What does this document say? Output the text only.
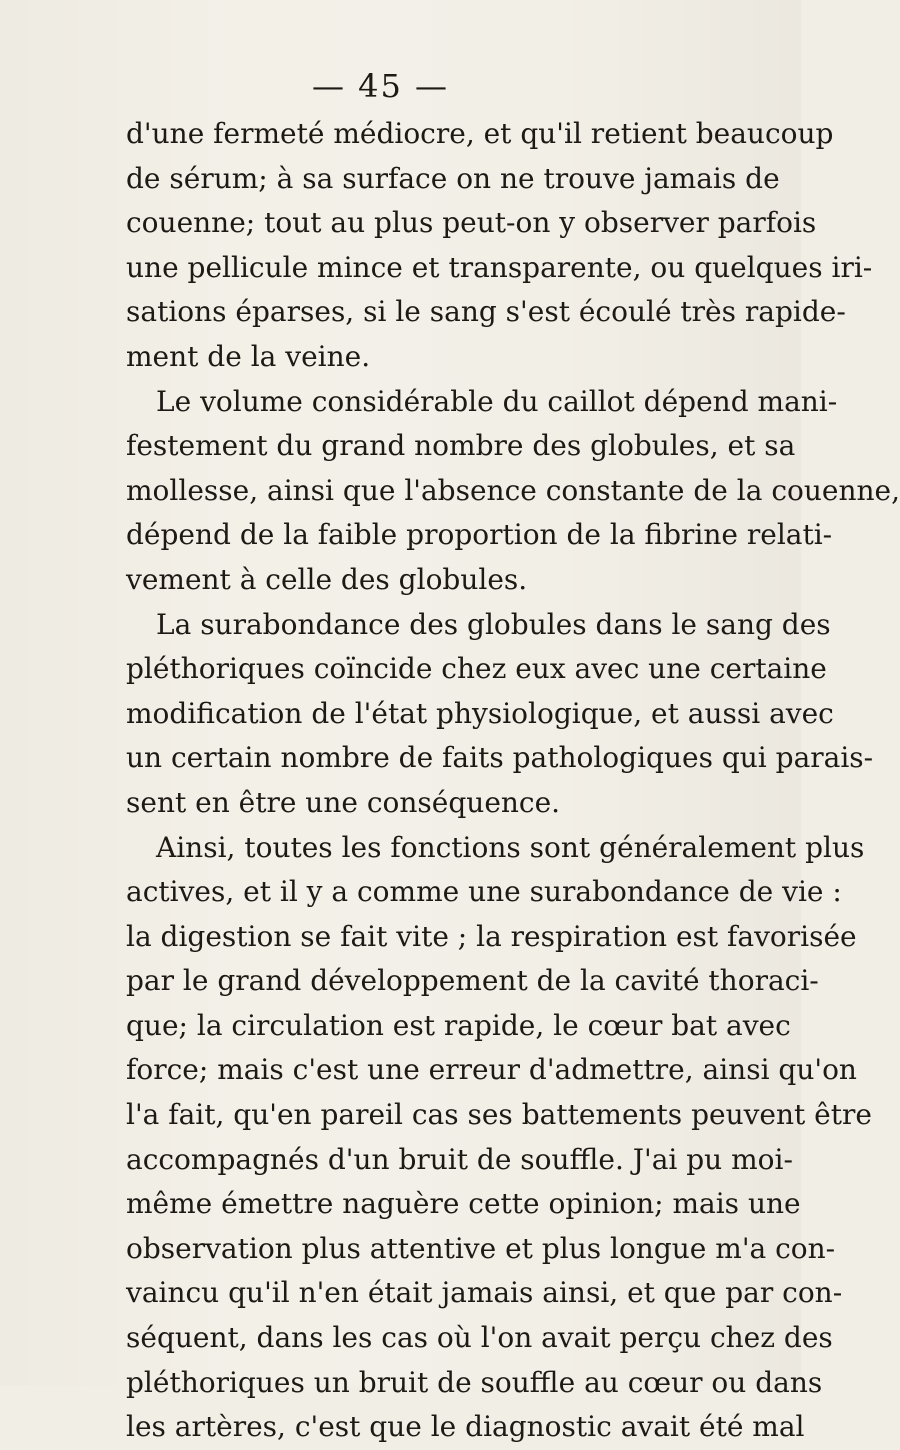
— 45 —
d'une fermeté médiocre, et qu'il retient beaucoup
de sérum; à sa surface on ne trouve jamais de
couenne; tout au plus peut-on y observer parfois
une pellicule mince et transparente, ou quelques iri-
sations éparses, si le sang s'est écoulé très rapide-
ment de la veine.
Le volume considérable du caillot dépend mani-
festement du grand nombre des globules, et sa
mollesse, ainsi que l'absence constante de la couenne,
dépend de la faible proportion de la fibrine relati-
vement à celle des globules.
La surabondance des globules dans le sang des
pléthoriques coïncide chez eux avec une certaine
modification de l'état physiologique, et aussi avec
un certain nombre de faits pathologiques qui parais-
sent en être une conséquence.
Ainsi, toutes les fonctions sont généralement plus
actives, et il y a comme une surabondance de vie :
la digestion se fait vite ; la respiration est favorisée
par le grand développement de la cavité thoraci-
que; la circulation est rapide, le cœur bat avec
force; mais c'est une erreur d'admettre, ainsi qu'on
l'a fait, qu'en pareil cas ses battements peuvent être
accompagnés d'un bruit de souffle. J'ai pu moi-
même émettre naguère cette opinion; mais une
observation plus attentive et plus longue m'a con-
vaincu qu'il n'en était jamais ainsi, et que par con-
séquent, dans les cas où l'on avait perçu chez des
pléthoriques un bruit de souffle au cœur ou dans
les artères, c'est que le diagnostic avait été mal
